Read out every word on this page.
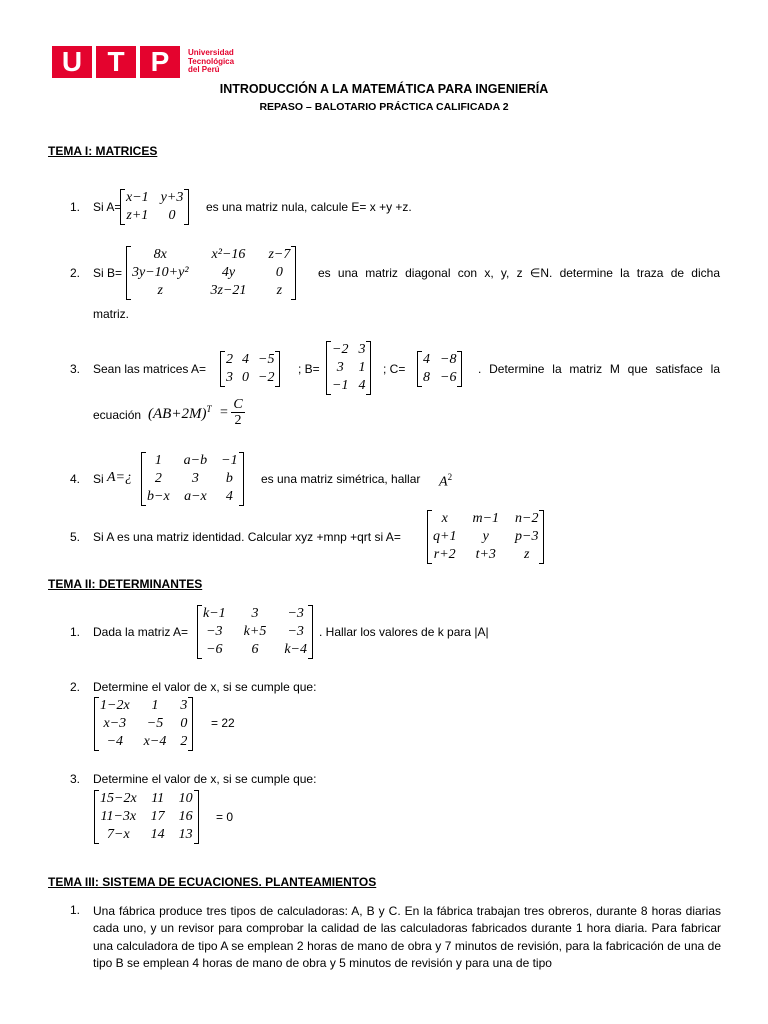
U T P	Universidad
Tecnológica
del Perú
INTRODUCCIÓN A LA MATEMÁTICA PARA INGENIERÍA
REPASO – BALOTARIO PRÁCTICA CALIFICADA 2
TEMA I: MATRICES
1. Si A=
x−1 y+3
z+1	0
es una matriz nula, calcule E= x +y +z.
2. Si B=
8x	x²−16 z−7
3y−10+y²	4y	0
z	3z−21	z
es una matriz diagonal con x, y, z ∈N. determine la traza de dicha
matriz.
3. Sean las matrices A=
2 4 −5
3 0 −2
; B=
−2 3
3	1
−1 4
; C=
4 −8
8 −6
. Determine la matriz M que satisface la
ecuación $(AB+2M)^T = \frac{C}{2}$
4. Si A=¿
1	a−b −1
2	3	b
b−x a−x	4
es una matriz simétrica, hallar $A^2$
5. Si A es una matriz identidad. Calcular xyz +mnp +qrt si A=
x	m−1 n−2
q+1	y	p−3
r+2 t+3	z
TEMA II: DETERMINANTES
1. Dada la matriz A=
k−1	3	−3
−3 k+5 −3
−6	6	k−4
. Hallar los valores de k para |A|
2. Determine el valor de x, si se cumple que:
1−2x	1	3
x−3 −5 0
−4	x−4 2
= 22
3. Determine el valor de x, si se cumple que:
15−2x 11 10
11−3x 17 16
7−x	14 13
= 0
TEMA III: SISTEMA DE ECUACIONES. PLANTEAMIENTOS
1. Una fábrica produce tres tipos de calculadoras: A, B y C. En la fábrica trabajan tres obreros, durante 8 horas diarias cada uno, y un revisor para comprobar la calidad de las calculadoras fabricados durante 1 hora diaria. Para fabricar una calculadora de tipo A se emplean 2 horas de mano de obra y 7 minutos de revisión, para la fabricación de una de tipo B se emplean 4 horas de mano de obra y 5 minutos de revisión y para una de tipo
